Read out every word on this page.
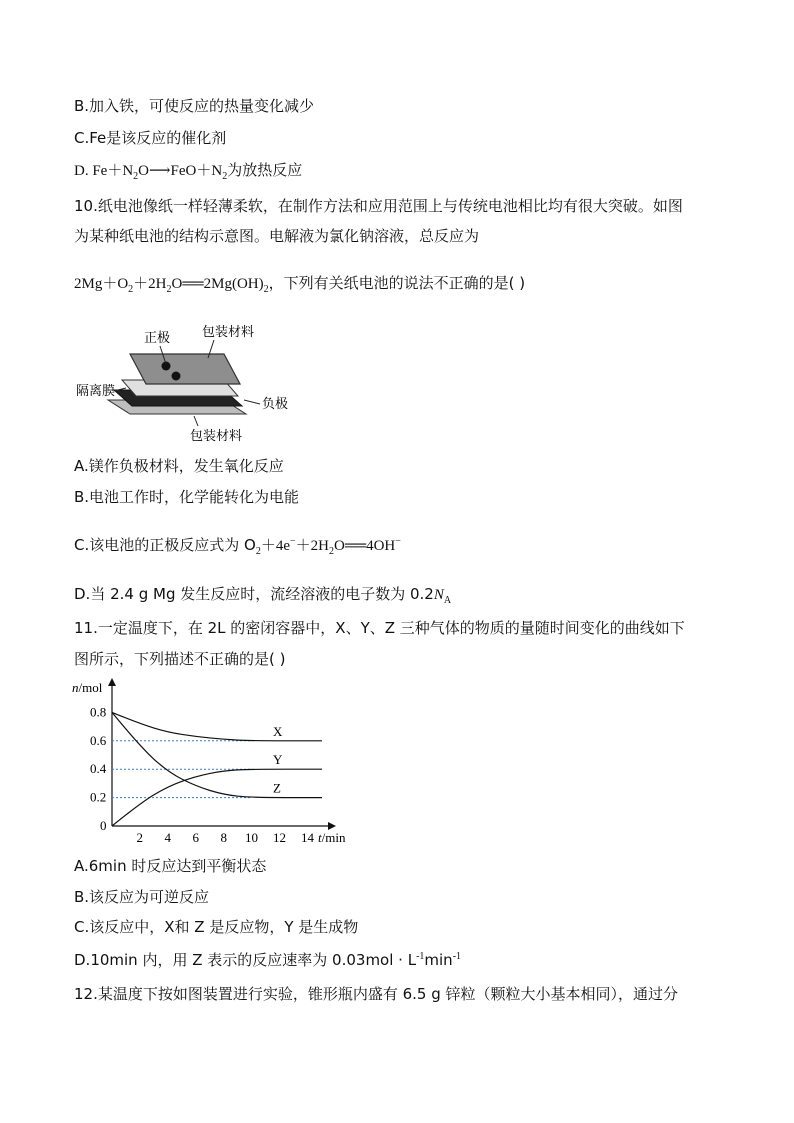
B.加入铁，可使反应的热量变化减少
C.Fe是该反应的催化剂
D. $Fe+N_2O⟶FeO+N_2$为放热反应
10.纸电池像纸一样轻薄柔软，在制作方法和应用范围上与传统电池相比均有很大突破。如图
为某种纸电池的结构示意图。电解液为氯化钠溶液，总反应为
$2Mg+O_2+2H_2O══2Mg(OH)_2$，下列有关纸电池的说法不正确的是( )
正极 包装材料
隔离膜
负极
包装材料
A.镁作负极材料，发生氧化反应
B.电池工作时，化学能转化为电能
C.该电池的正极反应式为 $O_2+4e^-+2H_2O══4OH^-$
D.当 2.4 g Mg 发生反应时，流经溶液的电子数为 $0.2N_A$
11.一定温度下，在 2L 的密闭容器中，X、Y、Z 三种气体的物质的量随时间变化的曲线如下
图所示，下列描述不正确的是( )
0.2
0.4
0.6
0.8
0
2 4 6 8 10 12 14
n/mol
t/min
X
Y
Z
A.6min 时反应达到平衡状态
B.该反应为可逆反应
C.该反应中，X和 Z 是反应物，Y 是生成物
D.10min 内，用 Z 表示的反应速率为 $0.03mol \cdot L^{-1}\min^{-1}$
12.某温度下按如图装置进行实验，锥形瓶内盛有 6.5 g 锌粒（颗粒大小基本相同），通过分
